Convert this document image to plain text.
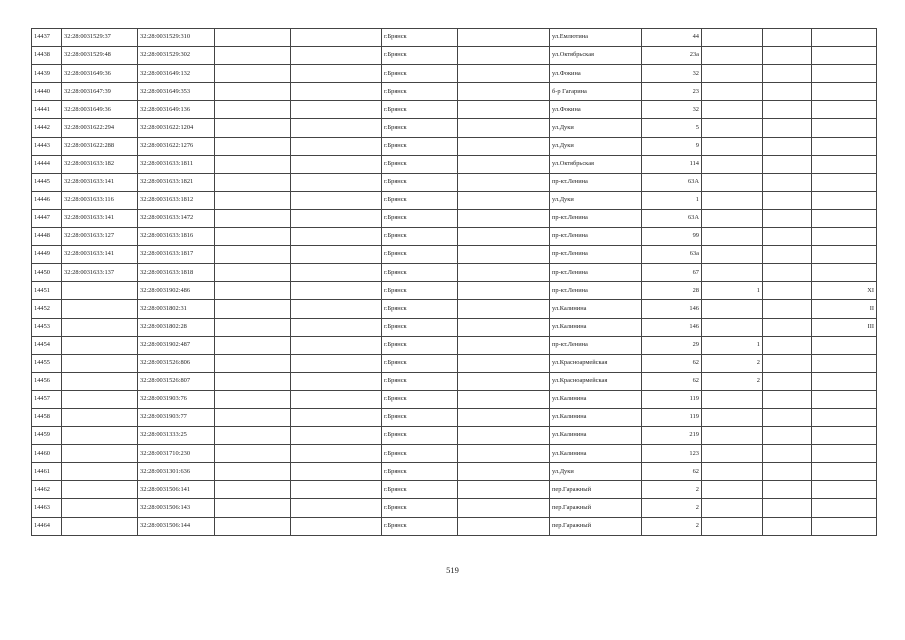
14437	32:28:0031529:37	32:28:0031529:310			г.Брянск		ул.Емлютина	44			
14438	32:28:0031529:48	32:28:0031529:302			г.Брянск		ул.Октябрьская	23а			
14439	32:28:0031649:36	32:28:0031649:132			г.Брянск		ул.Фокина	32			
14440	32:28:0031647:39	32:28:0031649:353			г.Брянск		б-р Гагарина	23			
14441	32:28:0031649:36	32:28:0031649:136			г.Брянск		ул.Фокина	32			
14442	32:28:0031622:294	32:28:0031622:1204			г.Брянск		ул.Дуки	5			
14443	32:28:0031622:288	32:28:0031622:1276			г.Брянск		ул.Дуки	9			
14444	32:28:0031633:182	32:28:0031633:1811			г.Брянск		ул.Октябрьская	114			
14445	32:28:0031633:141	32:28:0031633:1821			г.Брянск		пр-кт.Ленина	63А			
14446	32:28:0031633:116	32:28:0031633:1812			г.Брянск		ул.Дуки	1			
14447	32:28:0031633:141	32:28:0031633:1472			г.Брянск		пр-кт.Ленина	63А			
14448	32:28:0031633:127	32:28:0031633:1816			г.Брянск		пр-кт.Ленина	99			
14449	32:28:0031633:141	32:28:0031633:1817			г.Брянск		пр-кт.Ленина	63а			
14450	32:28:0031633:137	32:28:0031633:1818			г.Брянск		пр-кт.Ленина	67			
14451		32:28:0031902:486			г.Брянск		пр-кт.Ленина	28	1		XI
14452		32:28:0031802:31			г.Брянск		ул.Калинина	146			II
14453		32:28:0031802:28			г.Брянск		ул.Калинина	146			III
14454		32:28:0031902:487			г.Брянск		пр-кт.Ленина	29	1		
14455		32:28:0031526:806			г.Брянск		ул.Красноармейская	62	2		
14456		32:28:0031526:807			г.Брянск		ул.Красноармейская	62	2		
14457		32:28:0031903:76			г.Брянск		ул.Калинина	119			
14458		32:28:0031903:77			г.Брянск		ул.Калинина	119			
14459		32:28:0031333:25			г.Брянск		ул.Калинина	219			
14460		32:28:0031710:230			г.Брянск		ул.Калинина	123			
14461		32:28:0031301:636			г.Брянск		ул.Дуки	62			
14462		32:28:0031506:141			г.Брянск		пер.Гаражный	2			
14463		32:28:0031506:143			г.Брянск		пер.Гаражный	2			
14464		32:28:0031506:144			г.Брянск		пер.Гаражный	2			
519
